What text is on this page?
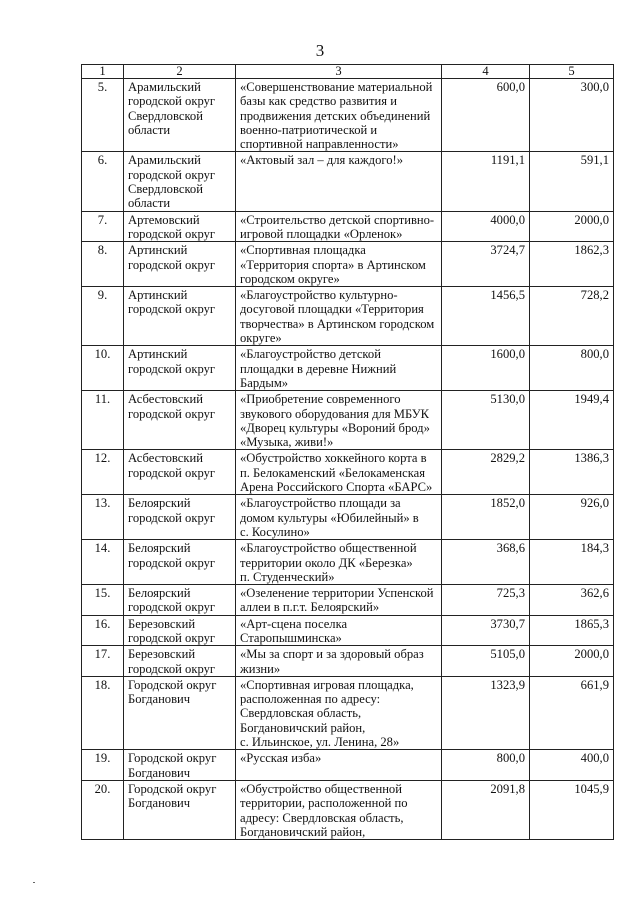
3
1	2	3	4	5
5.	Арамильский
городской округ
Свердловской
области	«Совершенствование материальной
базы как средство развития и
продвижения детских объединений
военно-патриотической и
спортивной направленности»	600,0	300,0
6.	Арамильский
городской округ
Свердловской
области	«Актовый зал – для каждого!»	1191,1	591,1
7.	Артемовский
городской округ	«Строительство детской спортивно-
игровой площадки «Орленок»	4000,0	2000,0
8.	Артинский
городской округ	«Спортивная площадка
«Территория спорта» в Артинском
городском округе»	3724,7	1862,3
9.	Артинский
городской округ	«Благоустройство культурно-
досуговой площадки «Территория
творчества» в Артинском городском
округе»	1456,5	728,2
10.	Артинский
городской округ	«Благоустройство детской
площадки в деревне Нижний
Бардым»	1600,0	800,0
11.	Асбестовский
городской округ	«Приобретение современного
звукового оборудования для МБУК
«Дворец культуры «Вороний брод»
«Музыка, живи!»	5130,0	1949,4
12.	Асбестовский
городской округ	«Обустройство хоккейного корта в
п. Белокаменский «Белокаменская
Арена Российского Спорта «БАРС»	2829,2	1386,3
13.	Белоярский
городской округ	«Благоустройство площади за
домом культуры «Юбилейный» в
с. Косулино»	1852,0	926,0
14.	Белоярский
городской округ	«Благоустройство общественной
территории около ДК «Березка»
п. Студенческий»	368,6	184,3
15.	Белоярский
городской округ	«Озеленение территории Успенской
аллеи в п.г.т. Белоярский»	725,3	362,6
16.	Березовский
городской округ	«Арт-сцена поселка
Старопышминска»	3730,7	1865,3
17.	Березовский
городской округ	«Мы за спорт и за здоровый образ
жизни»	5105,0	2000,0
18.	Городской округ
Богданович	«Спортивная игровая площадка,
расположенная по адресу:
Свердловская область,
Богдановичский район,
с. Ильинское, ул. Ленина, 28»	1323,9	661,9
19.	Городской округ
Богданович	«Русская изба»	800,0	400,0
20.	Городской округ
Богданович	«Обустройство общественной
территории, расположенной по
адресу: Свердловская область,
Богдановичский район,	2091,8	1045,9
